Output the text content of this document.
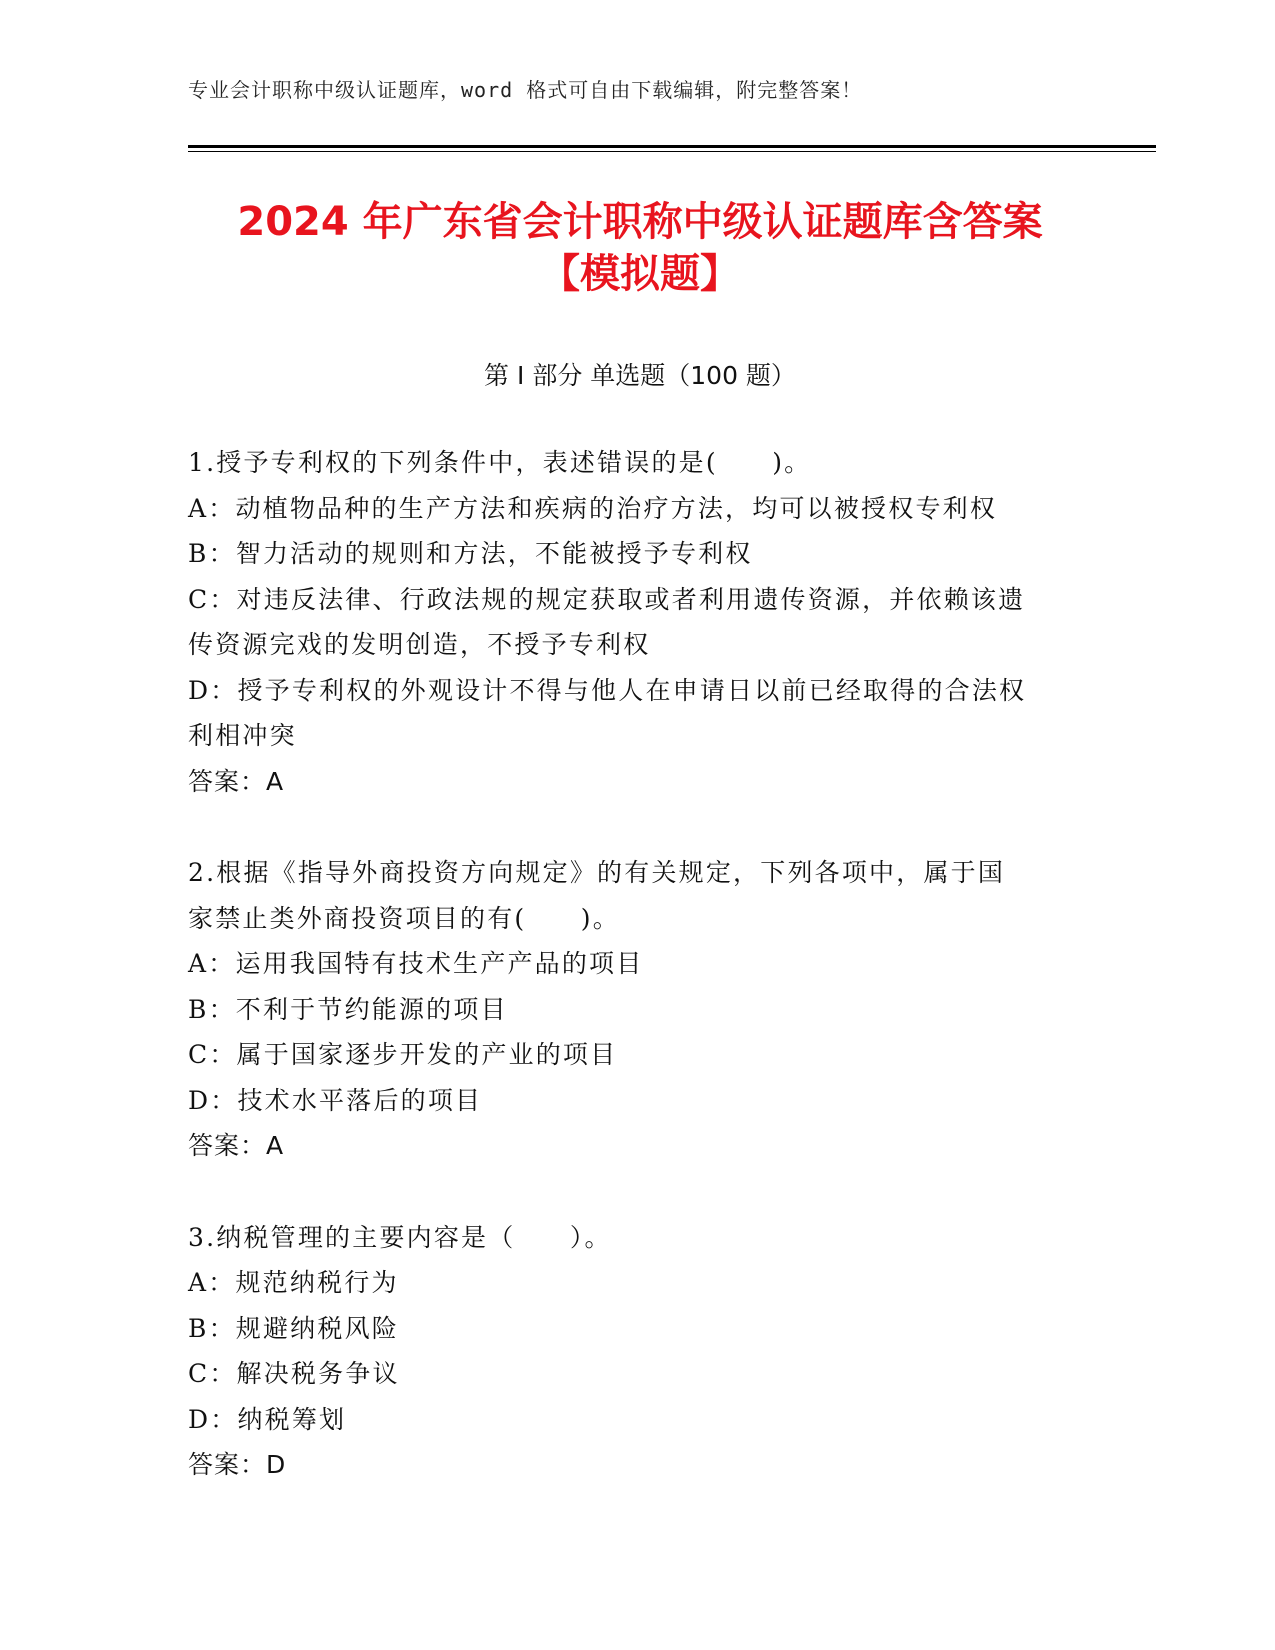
专业会计职称中级认证题库，word 格式可自由下载编辑，附完整答案！
2024 年广东省会计职称中级认证题库含答案
【模拟题】
第 I 部分 单选题（100 题）
1.授予专利权的下列条件中，表述错误的是(　　)。
A：动植物品种的生产方法和疾病的治疗方法，均可以被授权专利权
B：智力活动的规则和方法，不能被授予专利权
C：对违反法律、行政法规的规定获取或者利用遗传资源，并依赖该遗
传资源完戏的发明创造，不授予专利权
D：授予专利权的外观设计不得与他人在申请日以前已经取得的合法权
利相冲突
答案：A
2.根据《指导外商投资方向规定》的有关规定，下列各项中，属于国
家禁止类外商投资项目的有(　　)。
A：运用我国特有技术生产产品的项目
B：不利于节约能源的项目
C：属于国家逐步开发的产业的项目
D：技术水平落后的项目
答案：A
3.纳税管理的主要内容是（　　）。
A：规范纳税行为
B：规避纳税风险
C：解决税务争议
D：纳税筹划
答案：D
